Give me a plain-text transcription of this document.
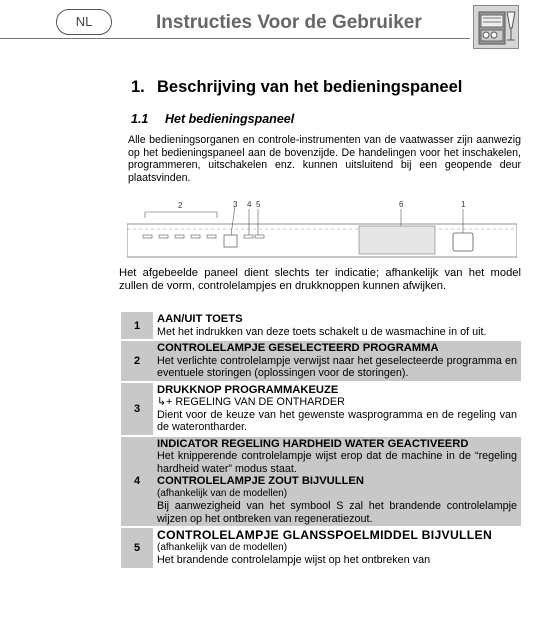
NL	Instructies Voor de Gebruiker
1. Beschrijving van het bedieningspaneel
1.1 Het bedieningspaneel
Alle bedieningsorganen en controle-instrumenten van de vaatwasser zijn aanwezig op het bedieningspaneel aan de bovenzijde. De handelingen voor het inschakelen, programmeren, uitschakelen enz. kunnen uitsluitend bij een geopende deur plaatsvinden.
2	3 4 5	6	1
Het afgebeelde paneel dient slechts ter indicatie; afhankelijk van het model zullen de vorm, controlelampjes en drukknoppen kunnen afwijken.
1	AAN/UIT TOETS
Met het indrukken van deze toets schakelt u de wasmachine in of uit.

2	CONTROLELAMPJE GESELECTEERD PROGRAMMA
Het verlichte controlelampje verwijst naar het geselecteerde programma en eventuele storingen (oplossingen voor de storingen).

3	DRUKKNOP PROGRAMMAKEUZE
↳+ REGELING VAN DE ONTHARDER
Dient voor de keuze van het gewenste wasprogramma en de regeling van de waterontharder.

4	INDICATOR REGELING HARDHEID WATER GEACTIVEERD
Het knipperende controlelampje wijst erop dat de machine in de “regeling hardheid water” modus staat.
CONTROLELAMPJE ZOUT BIJVULLEN
(afhankelijk van de modellen)
Bij aanwezigheid van het symbool S zal het brandende controlelampje wijzen op het ontbreken van regeneratiezout.

5	CONTROLELAMPJE GLANSSPOELMIDDEL BIJVULLEN
(afhankelijk van de modellen)
Het brandende controlelampje wijst op het ontbreken van
